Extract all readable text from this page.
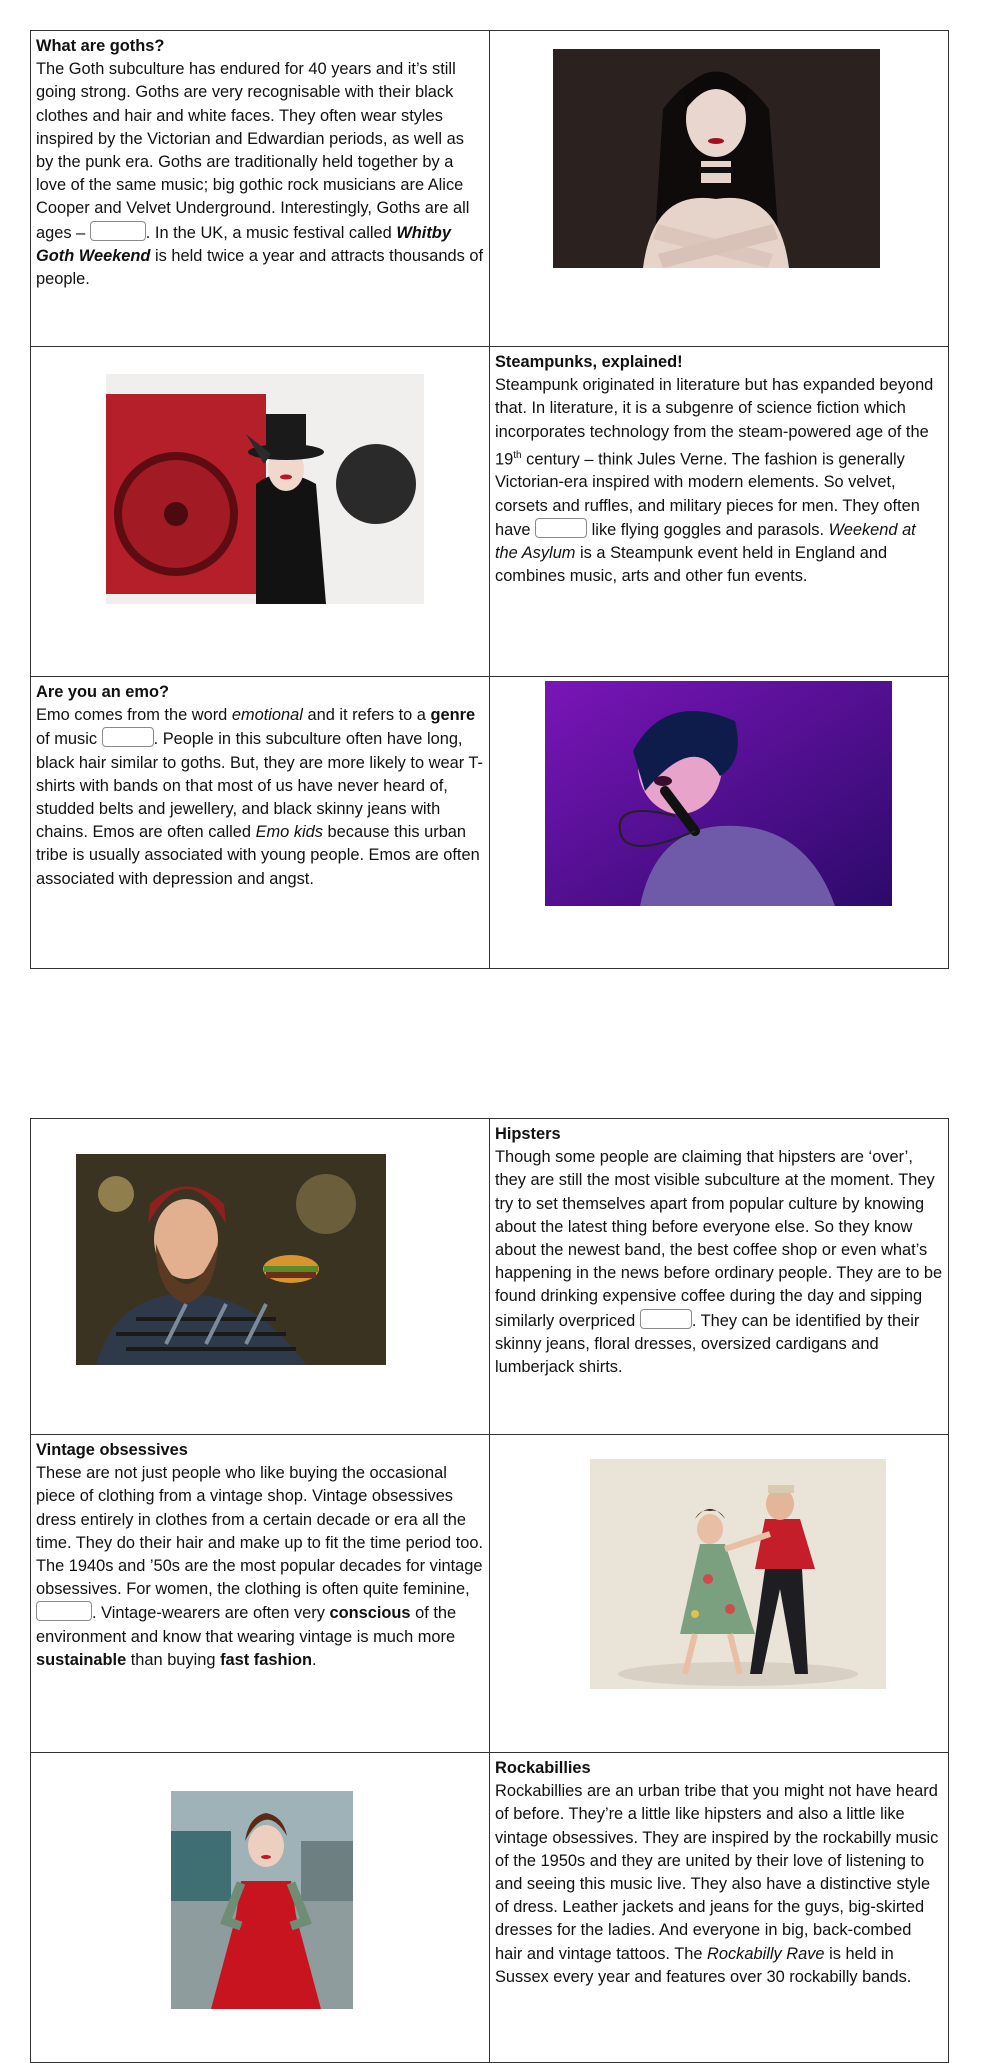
What are goths?

The Goth subculture has endured for 40 years and it’s still going strong. Goths are very recognisable with their black clothes and hair and white faces. They often wear styles inspired by the Victorian and Edwardian periods, as well as by the punk era. Goths are traditionally held together by a love of the same music; big gothic rock musicians are Alice Cooper and Velvet Underground. Interestingly, Goths are all ages – . In the UK, a music festival called Whitby Goth Weekend is held twice a year and attracts thousands of people.

Steampunks, explained!

Steampunk originated in literature but has expanded beyond that. In literature, it is a subgenre of science fiction which incorporates technology from the steam-powered age of the 19th century – think Jules Verne. The fashion is generally Victorian-era inspired with modern elements. So velvet, corsets and ruffles, and military pieces for men. They often have like flying goggles and parasols. Weekend at the Asylum is a Steampunk event held in England and combines music, arts and other fun events.

Are you an emo?

Emo comes from the word emotional and it refers to a genre of music . People in this subculture often have long, black hair similar to goths. But, they are more likely to wear T-shirts with bands on that most of us have never heard of, studded belts and jewellery, and black skinny jeans with chains. Emos are often called Emo kids because this urban tribe is usually associated with young people. Emos are often associated with depression and angst.

Hipsters

Though some people are claiming that hipsters are ‘over’, they are still the most visible subculture at the moment. They try to set themselves apart from popular culture by knowing about the latest thing before everyone else. So they know about the newest band, the best coffee shop or even what’s happening in the news before ordinary people. They are to be found drinking expensive coffee during the day and sipping similarly overpriced . They can be identified by their skinny jeans, floral dresses, oversized cardigans and lumberjack shirts.

Vintage obsessives

These are not just people who like buying the occasional piece of clothing from a vintage shop. Vintage obsessives dress entirely in clothes from a certain decade or era all the time. They do their hair and make up to fit the time period too. The 1940s and ’50s are the most popular decades for vintage obsessives. For women, the clothing is often quite feminine, . Vintage-wearers are often very conscious of the environment and know that wearing vintage is much more sustainable than buying fast fashion.

Rockabillies

Rockabillies are an urban tribe that you might not have heard of before. They’re a little like hipsters and also a little like vintage obsessives. They are inspired by the rockabilly music of the 1950s and they are united by their love of listening to and seeing this music live. They also have a distinctive style of dress. Leather jackets and jeans for the guys, big-skirted dresses for the ladies. And everyone in big, back-combed hair and vintage tattoos. The Rockabilly Rave is held in Sussex every year and features over 30 rockabilly bands.
